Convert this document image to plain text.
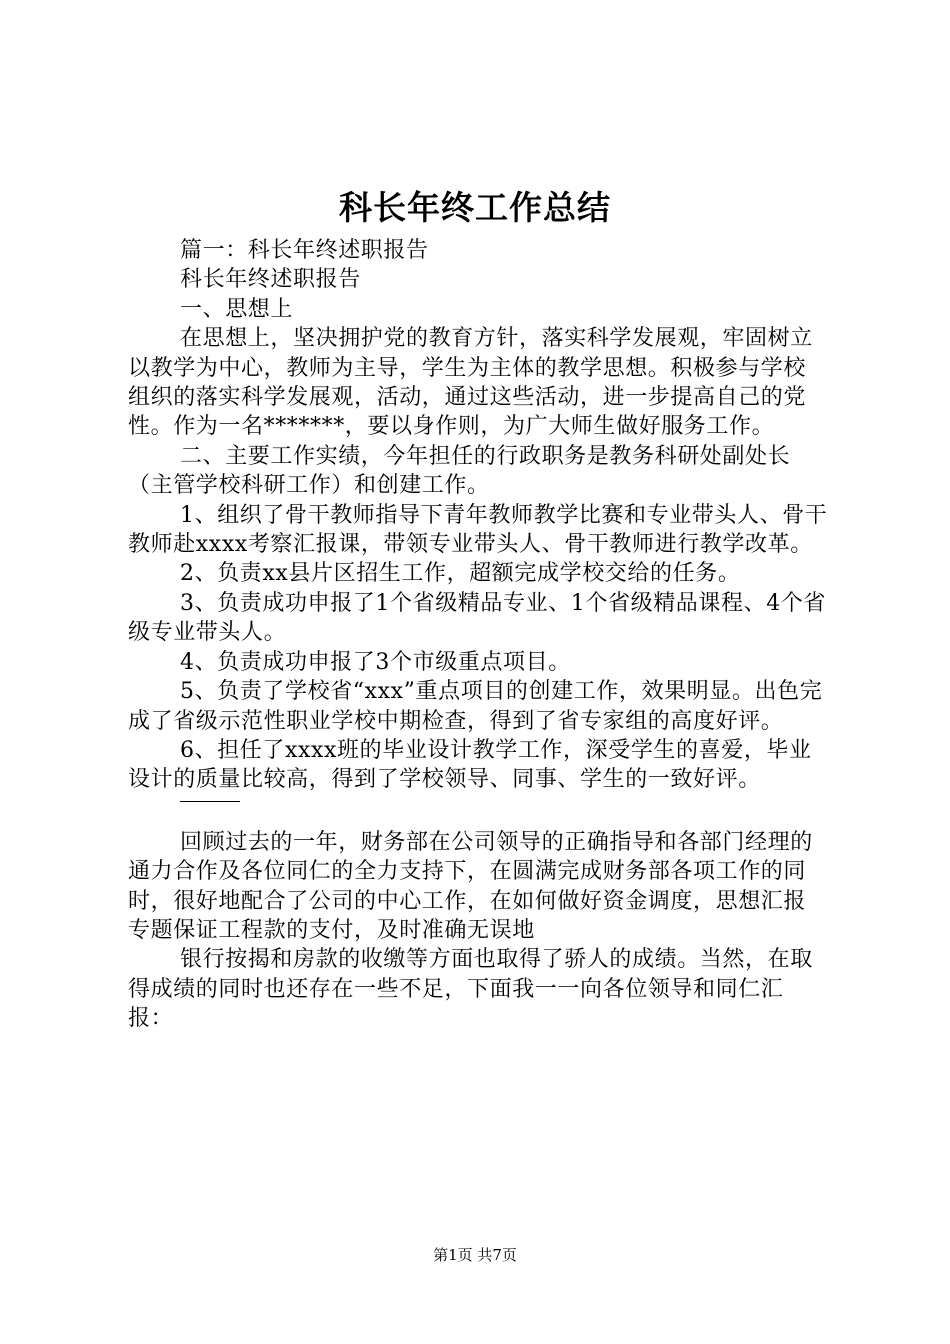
科长年终工作总结

篇一：科长年终述职报告

科长年终述职报告

一、思想上

在思想上，坚决拥护党的教育方针，落实科学发展观，牢固树立以教学为中心，教师为主导，学生为主体的教学思想。积极参与学校组织的落实科学发展观，活动，通过这些活动，进一步提高自己的党性。作为一名*******，要以身作则，为广大师生做好服务工作。

二、主要工作实绩，今年担任的行政职务是教务科研处副处长（主管学校科研工作）和创建工作。

1、组织了骨干教师指导下青年教师教学比赛和专业带头人、骨干教师赴xxxx考察汇报课，带领专业带头人、骨干教师进行教学改革。

2、负责xx县片区招生工作，超额完成学校交给的任务。

3、负责成功申报了1个省级精品专业、1个省级精品课程、4个省级专业带头人。

4、负责成功申报了3个市级重点项目。

5、负责了学校省“xxx”重点项目的创建工作，效果明显。出色完成了省级示范性职业学校中期检查，得到了省专家组的高度好评。

6、担任了xxxx班的毕业设计教学工作，深受学生的喜爱，毕业设计的质量比较高，得到了学校领导、同事、学生的一致好评。

回顾过去的一年，财务部在公司领导的正确指导和各部门经理的通力合作及各位同仁的全力支持下，在圆满完成财务部各项工作的同时，很好地配合了公司的中心工作，在如何做好资金调度，思想汇报专题保证工程款的支付，及时准确无误地

银行按揭和房款的收缴等方面也取得了骄人的成绩。当然，在取得成绩的同时也还存在一些不足，下面我一一向各位领导和同仁汇报：

第1页 共7页
